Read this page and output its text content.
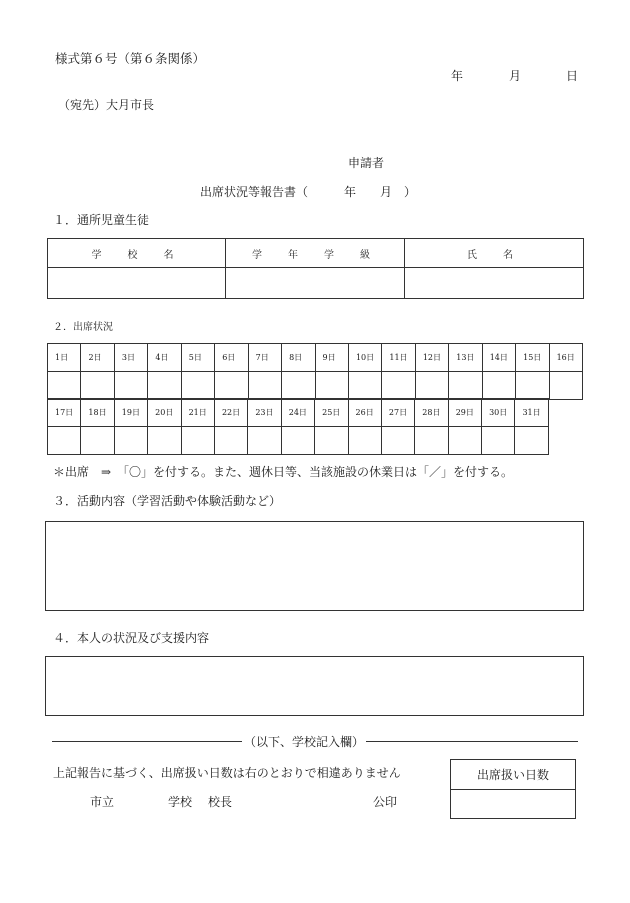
様式第６号（第６条関係）
年	月	日
（宛先）大月市長
申請者
出席状況等報告書（　　　年　　月　）
１．通所児童生徒
学　校　名	学　年　学　級	氏　名

２．出席状況
1日	2日	3日	4日	5日	6日	7日	8日	9日	10日	11日	12日	13日	14日	15日	16日

17日	18日	19日	20日	21日	22日	23日	24日	25日	26日	27日	28日	29日	30日	31日

＊出席　⇒　「〇」を付する。また、週休日等、当該施設の休業日は「／」を付する。
３．活動内容（学習活動や体験活動など）
４．本人の状況及び支援内容
（以下、学校記入欄）
上記報告に基づく、出席扱い日数は右のとおりで相違ありません
市立	学校 校長	公印
出席扱い日数
